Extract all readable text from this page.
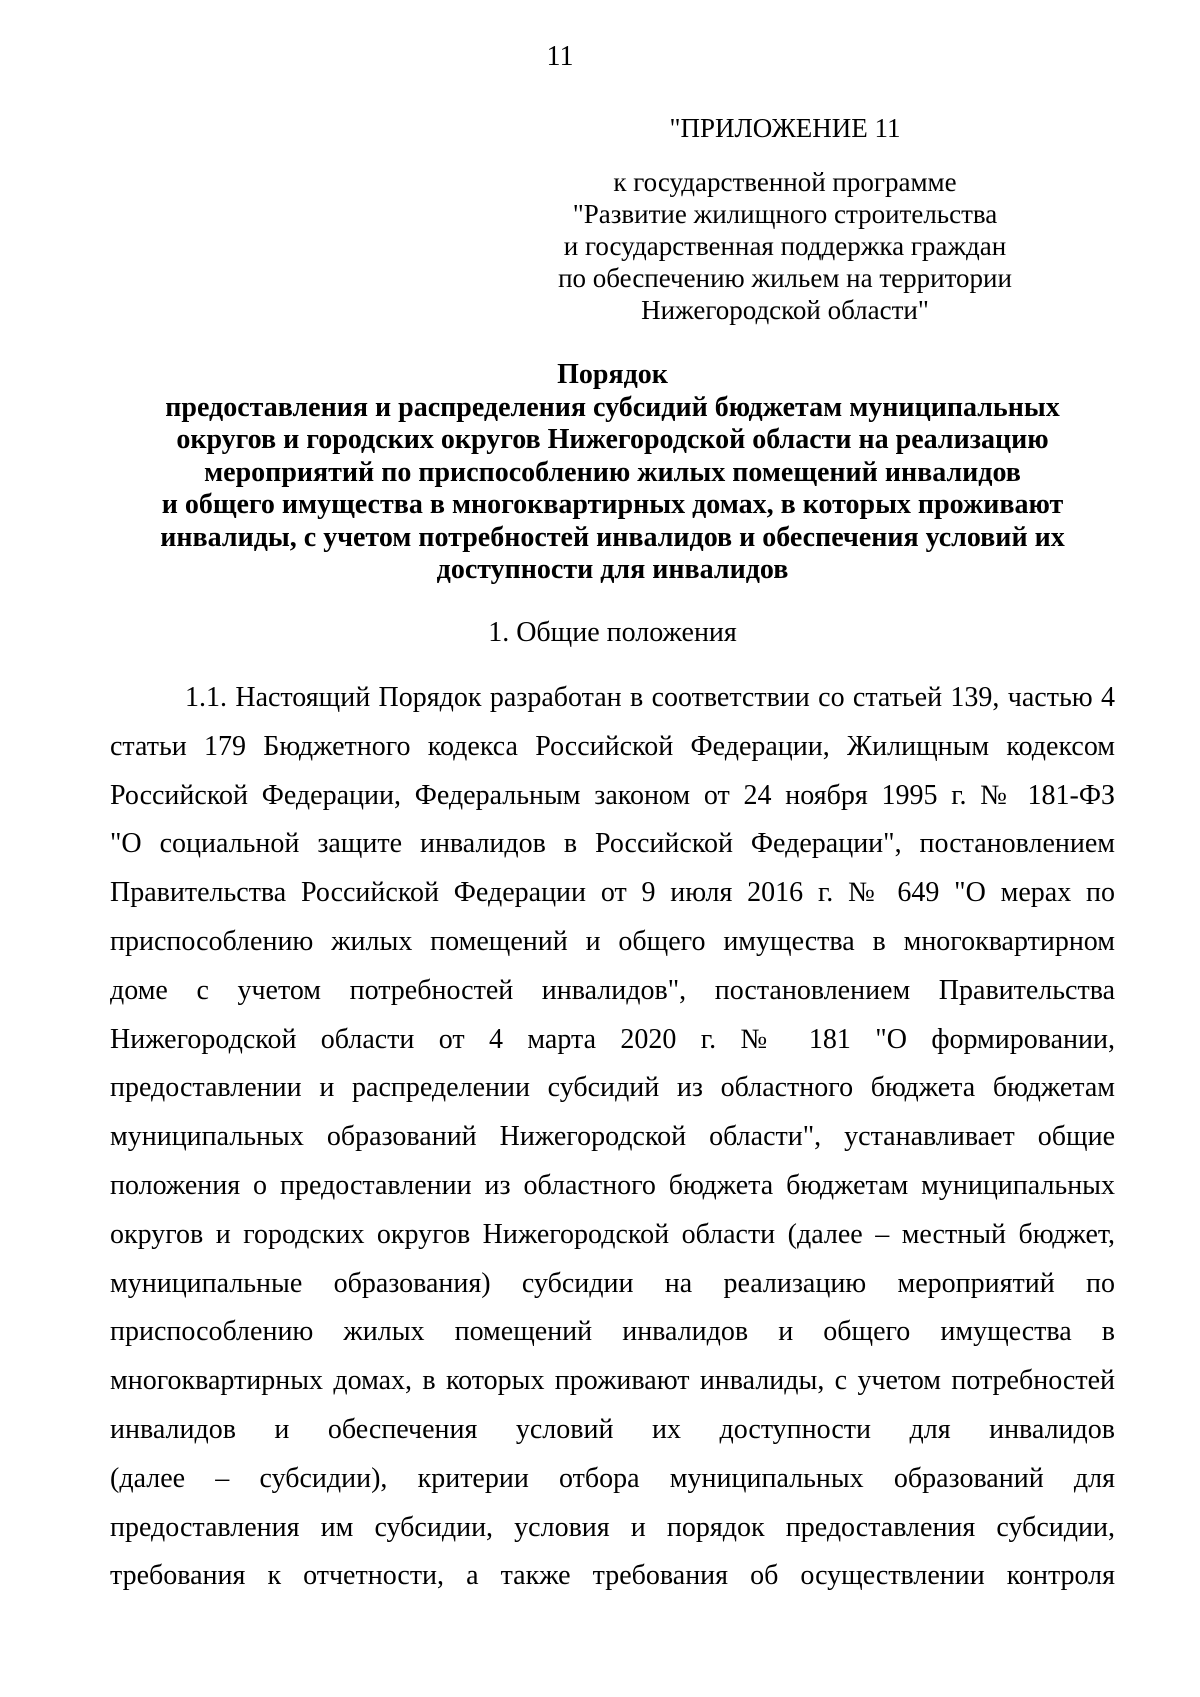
11
"ПРИЛОЖЕНИЕ 11
к государственной программе
"Развитие жилищного строительства
и государственная поддержка граждан
по обеспечению жильем на территории
Нижегородской области"
Порядок
предоставления и распределения субсидий бюджетам муниципальных
округов и городских округов Нижегородской области на реализацию
мероприятий по приспособлению жилых помещений инвалидов
и общего имущества в многоквартирных домах, в которых проживают
инвалиды, с учетом потребностей инвалидов и обеспечения условий их
доступности для инвалидов
1. Общие положения
1.1. Настоящий Порядок разработан в соответствии со статьей 139, частью 4
статьи 179 Бюджетного кодекса Российской Федерации, Жилищным кодексом
Российской Федерации, Федеральным законом от 24 ноября 1995 г. № 181-ФЗ
"О социальной защите инвалидов в Российской Федерации", постановлением
Правительства Российской Федерации от 9 июля 2016 г. № 649 "О мерах по
приспособлению жилых помещений и общего имущества в многоквартирном
доме с учетом потребностей инвалидов", постановлением Правительства
Нижегородской области от 4 марта 2020 г. № 181 "О формировании,
предоставлении и распределении субсидий из областного бюджета бюджетам
муниципальных образований Нижегородской области", устанавливает общие
положения о предоставлении из областного бюджета бюджетам муниципальных
округов и городских округов Нижегородской области (далее – местный бюджет,
муниципальные образования) субсидии на реализацию мероприятий по
приспособлению жилых помещений инвалидов и общего имущества в
многоквартирных домах, в которых проживают инвалиды, с учетом потребностей
инвалидов и обеспечения условий их доступности для инвалидов
(далее – субсидии), критерии отбора муниципальных образований для
предоставления им субсидии, условия и порядок предоставления субсидии,
требования к отчетности, а также требования об осуществлении контроля
